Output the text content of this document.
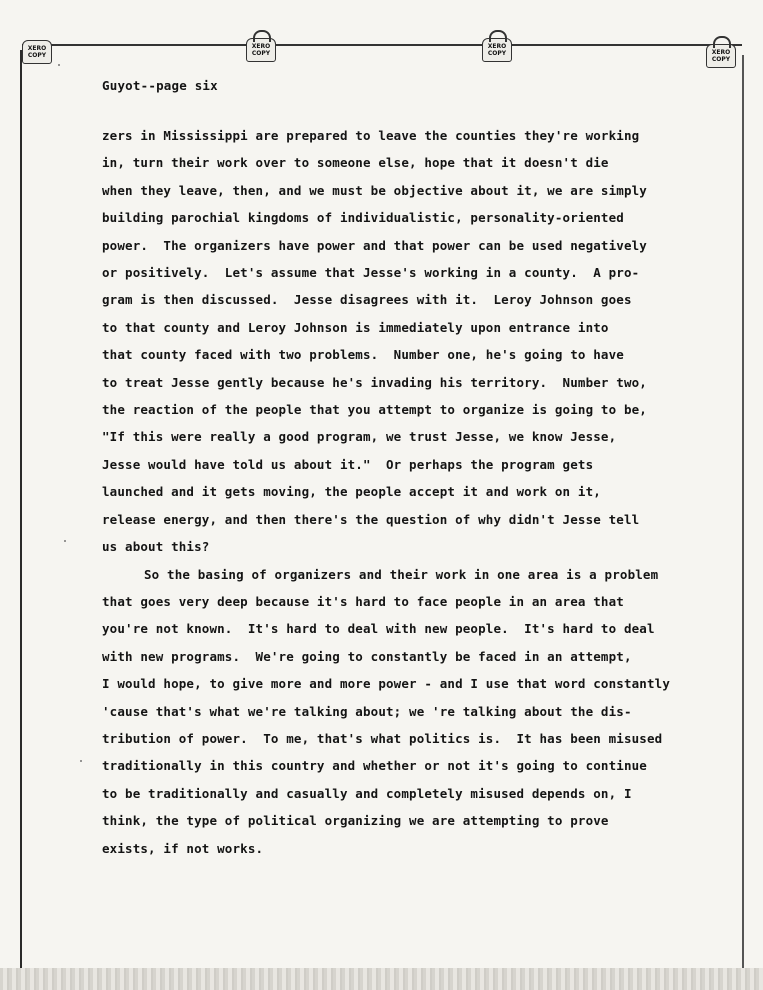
XERO
COPY
XERO
COPY
XERO
COPY	XERO
COPY
Guyot--page six

zers in Mississippi are prepared to leave the counties they're working
in, turn their work over to someone else, hope that it doesn't die
when they leave, then, and we must be objective about it, we are simply
building parochial kingdoms of individualistic, personality-oriented
power.  The organizers have power and that power can be used negatively
or positively.  Let's assume that Jesse's working in a county.  A pro-
gram is then discussed.  Jesse disagrees with it.  Leroy Johnson goes
to that county and Leroy Johnson is immediately upon entrance into
that county faced with two problems.  Number one, he's going to have
to treat Jesse gently because he's invading his territory.  Number two,
the reaction of the people that you attempt to organize is going to be,
"If this were really a good program, we trust Jesse, we know Jesse,
Jesse would have told us about it."  Or perhaps the program gets
launched and it gets moving, the people accept it and work on it,
release energy, and then there's the question of why didn't Jesse tell
us about this?

So the basing of organizers and their work in one area is a problem
that goes very deep because it's hard to face people in an area that
you're not known.  It's hard to deal with new people.  It's hard to deal
with new programs.  We're going to constantly be faced in an attempt,
I would hope, to give more and more power - and I use that word constantly
'cause that's what we're talking about; we 're talking about the dis-
tribution of power.  To me, that's what politics is.  It has been misused
traditionally in this country and whether or not it's going to continue
to be traditionally and casually and completely misused depends on, I
think, the type of political organizing we are attempting to prove
exists, if not works.
